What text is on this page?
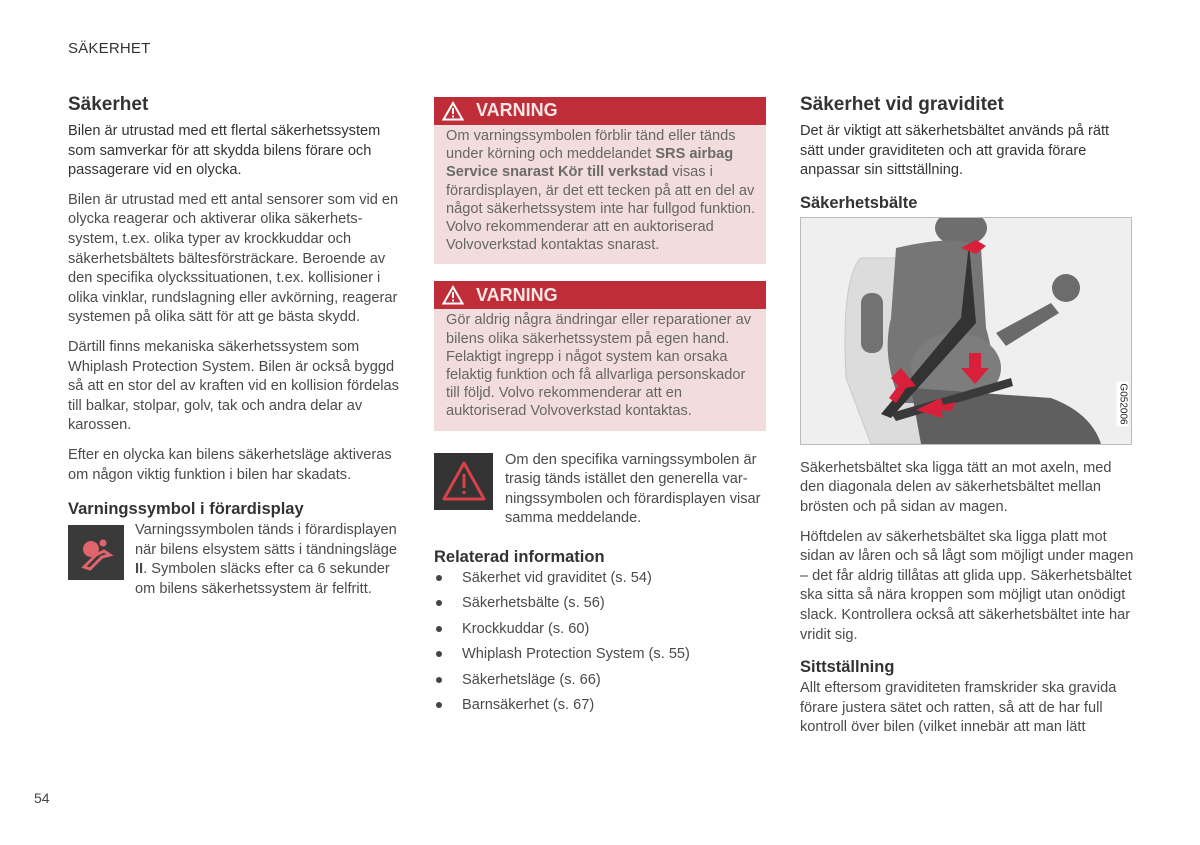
SÄKERHET
54
Säkerhet

Bilen är utrustad med ett flertal säkerhetssystem som samverkar för att skydda bilens förare och passagerare vid en olycka.

Bilen är utrustad med ett antal sensorer som vid en olycka reagerar och aktiverar olika säkerhetssystem, t.ex. olika typer av krockkuddar och säkerhetsbältets bältesförsträckare. Beroende av den specifika olyckssituationen, t.ex. kollisioner i olika vinklar, rundslagning eller avkörning, reagerar systemen på olika sätt för att ge bästa skydd.

Därtill finns mekaniska säkerhetssystem som Whiplash Protection System. Bilen är också byggd så att en stor del av kraften vid en kollision fördelas till balkar, stolpar, golv, tak och andra delar av karossen.

Efter en olycka kan bilens säkerhetsläge aktiveras om någon viktig funktion i bilen har skadats.

Varningssymbol i förardisplay
Varningssymbolen tänds i förardisplayen när bilens elsystem sätts i tändningsläge II. Symbolen släcks efter ca 6 sekunder om bilens säkerhetssystem är felfritt.
VARNING
Om varningssymbolen förblir tänd eller tänds under körning och meddelandet SRS airbag Service snarast Kör till verkstad visas i förardisplayen, är det ett tecken på att en del av något säkerhetssystem inte har fullgod funktion. Volvo rekommenderar att en auktoriserad Volvoverkstad kontaktas snarast.
VARNING
Gör aldrig några ändringar eller reparationer av bilens olika säkerhetssystem på egen hand. Felaktigt ingrepp i något system kan orsaka felaktig funktion och få allvarliga personskador till följd. Volvo rekommenderar att en auktoriserad Volvoverkstad kontaktas.
Om den specifika varningssymbolen är trasig tänds istället den generella varningssymbolen och förardisplayen visar samma meddelande.
Relaterad information
Säkerhet vid graviditet (s. 54)
Säkerhetsbälte (s. 56)
Krockkuddar (s. 60)
Whiplash Protection System (s. 55)
Säkerhetsläge (s. 66)
Barnsäkerhet (s. 67)
Säkerhet vid graviditet

Det är viktigt att säkerhetsbältet används på rätt sätt under graviditeten och att gravida förare anpassar sin sittställning.

Säkerhetsbälte
G052006

Säkerhetsbältet ska ligga tätt an mot axeln, med den diagonala delen av säkerhetsbältet mellan brösten och på sidan av magen.

Höftdelen av säkerhetsbältet ska ligga platt mot sidan av låren och så lågt som möjligt under magen – det får aldrig tillåtas att glida upp. Säkerhetsbältet ska sitta så nära kroppen som möjligt utan onödigt slack. Kontrollera också att säkerhetsbältet inte har vridit sig.

Sittställning

Allt eftersom graviditeten framskrider ska gravida förare justera sätet och ratten, så att de har full kontroll över bilen (vilket innebär att man lätt
